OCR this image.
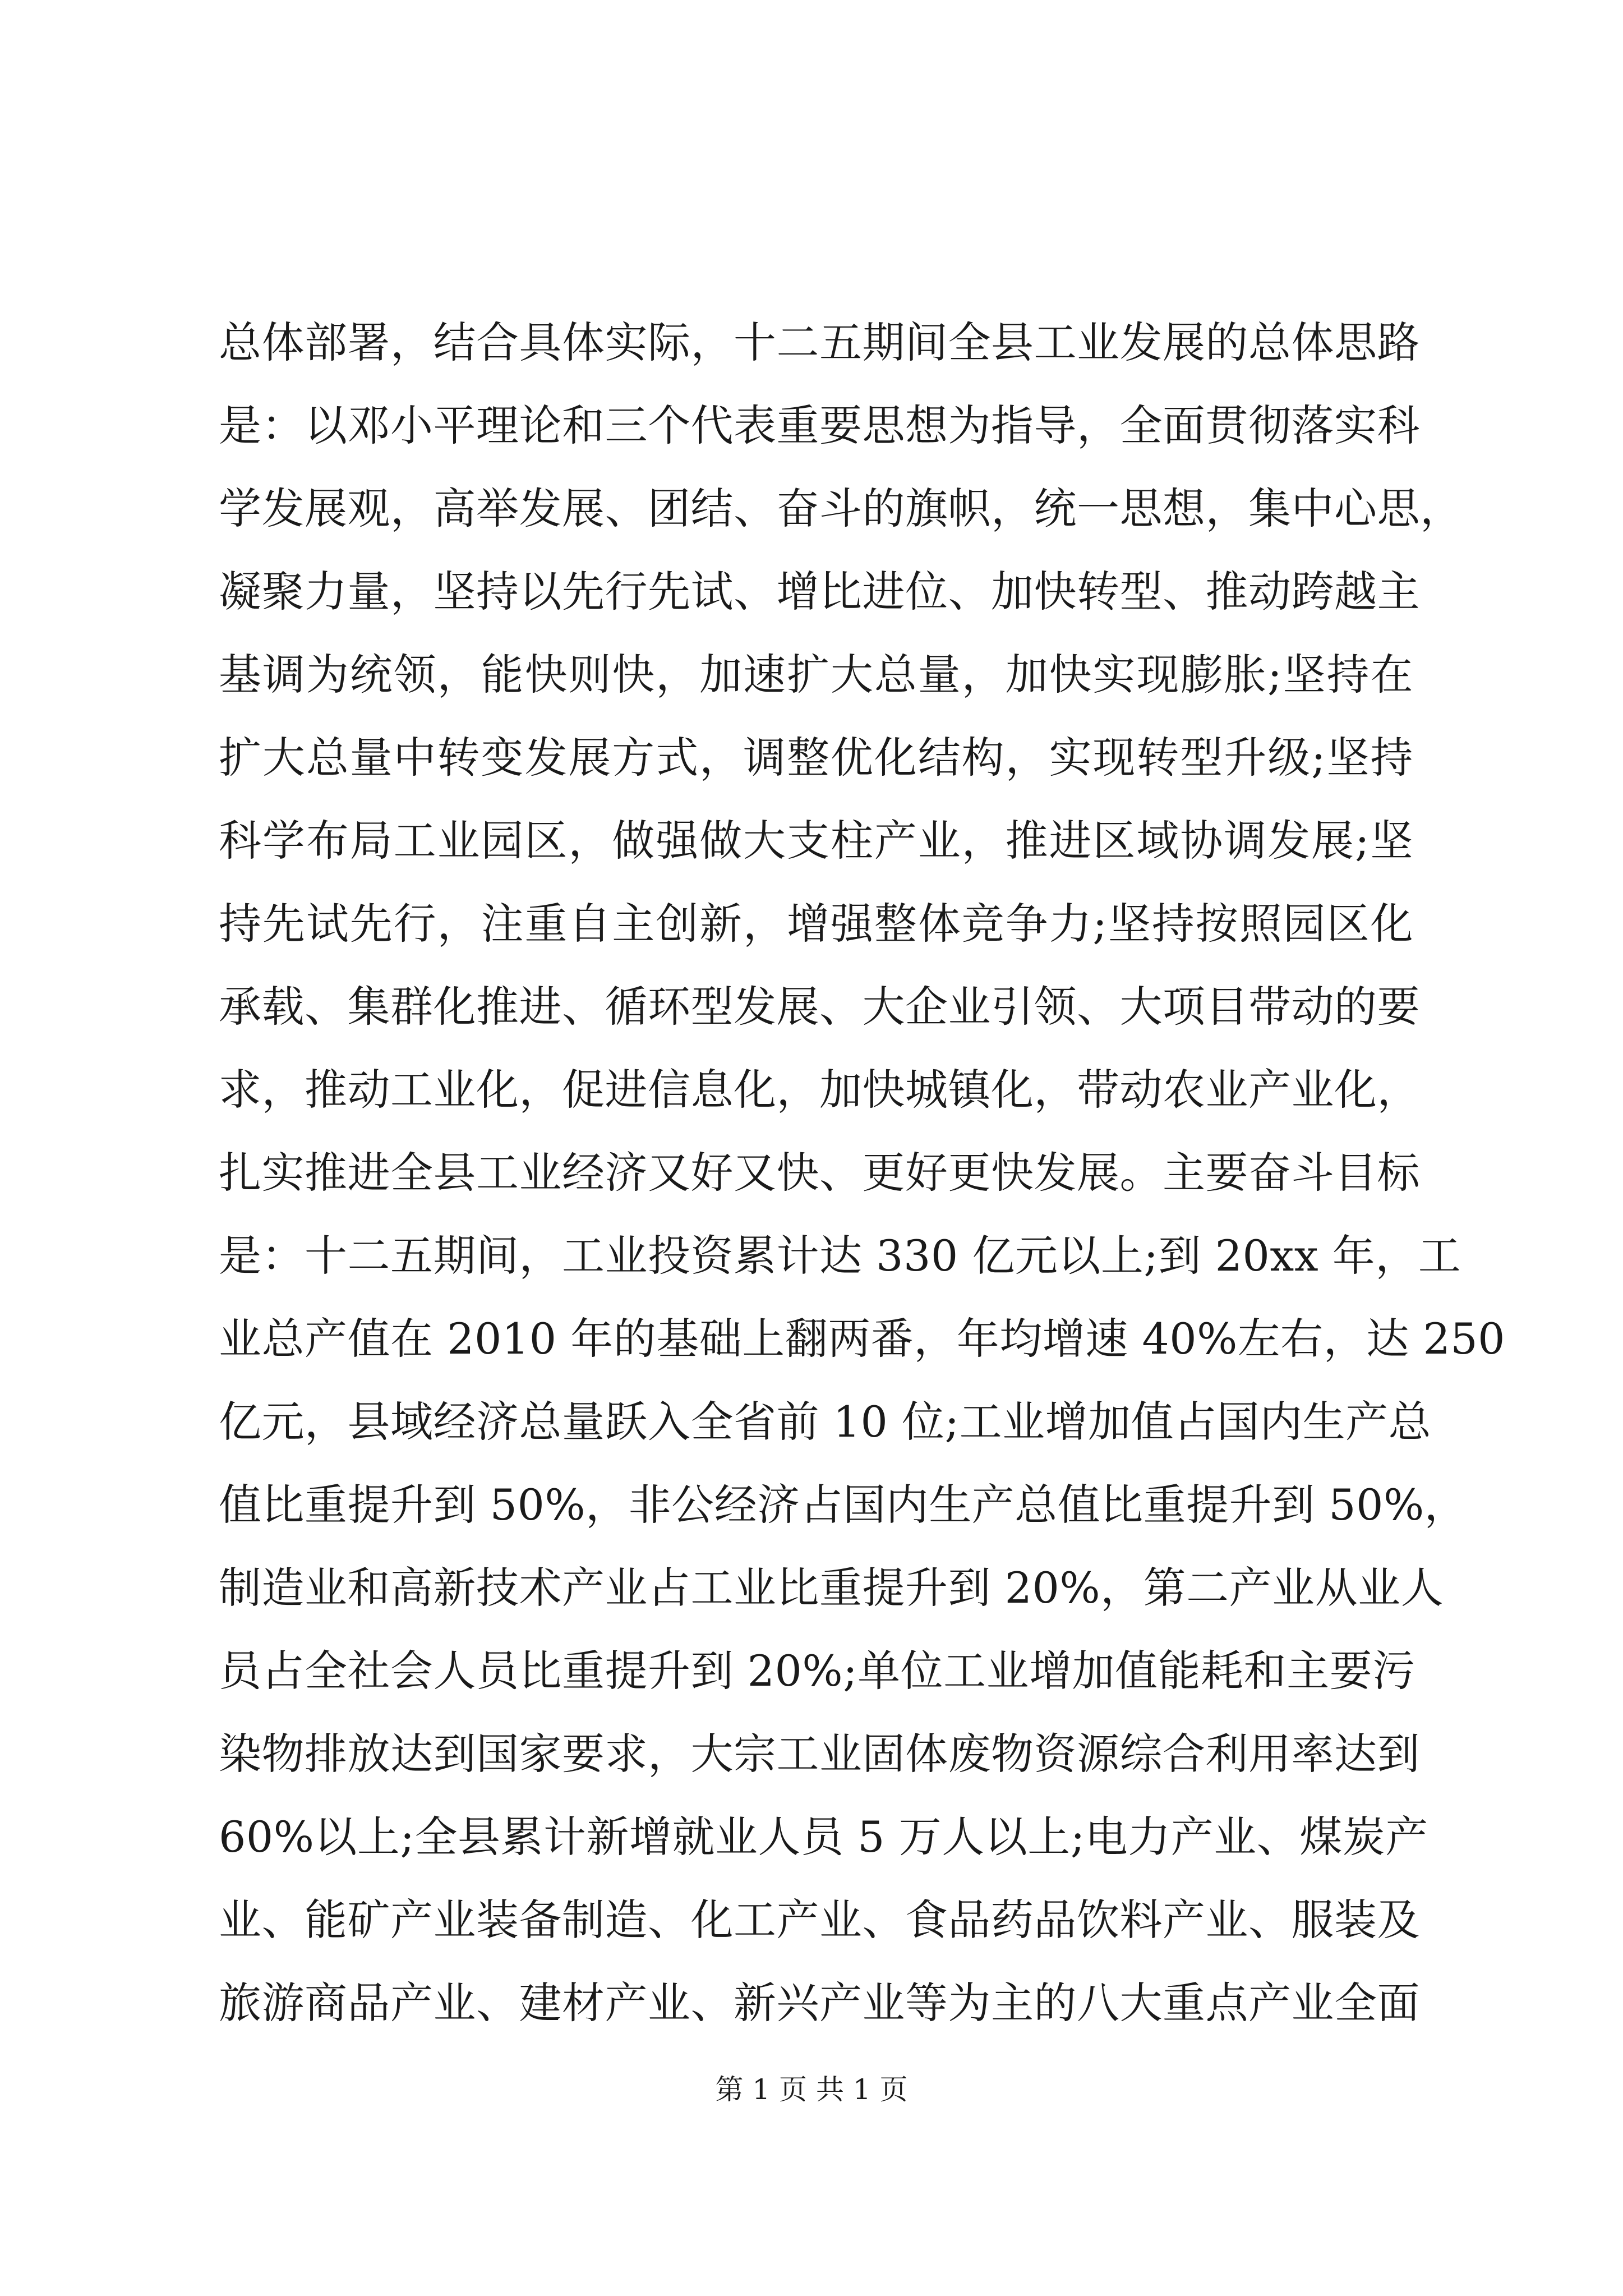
总体部署，结合具体实际，十二五期间全县工业发展的总体思路
是：以邓小平理论和三个代表重要思想为指导，全面贯彻落实科
学发展观，高举发展、团结、奋斗的旗帜，统一思想，集中心思，
凝聚力量，坚持以先行先试、增比进位、加快转型、推动跨越主
基调为统领，能快则快，加速扩大总量，加快实现膨胀;坚持在
扩大总量中转变发展方式，调整优化结构，实现转型升级;坚持
科学布局工业园区，做强做大支柱产业，推进区域协调发展;坚
持先试先行，注重自主创新，增强整体竞争力;坚持按照园区化
承载、集群化推进、循环型发展、大企业引领、大项目带动的要
求，推动工业化，促进信息化，加快城镇化，带动农业产业化，
扎实推进全县工业经济又好又快、更好更快发展。主要奋斗目标
是：十二五期间，工业投资累计达 330 亿元以上;到 20xx 年，工
业总产值在 2010 年的基础上翻两番，年均增速 40%左右，达 250
亿元，县域经济总量跃入全省前 10 位;工业增加值占国内生产总
值比重提升到 50%，非公经济占国内生产总值比重提升到 50%，
制造业和高新技术产业占工业比重提升到 20%，第二产业从业人
员占全社会人员比重提升到 20%;单位工业增加值能耗和主要污
染物排放达到国家要求，大宗工业固体废物资源综合利用率达到
60%以上;全县累计新增就业人员 5 万人以上;电力产业、煤炭产
业、能矿产业装备制造、化工产业、食品药品饮料产业、服装及
旅游商品产业、建材产业、新兴产业等为主的八大重点产业全面
第 1 页 共 1 页
